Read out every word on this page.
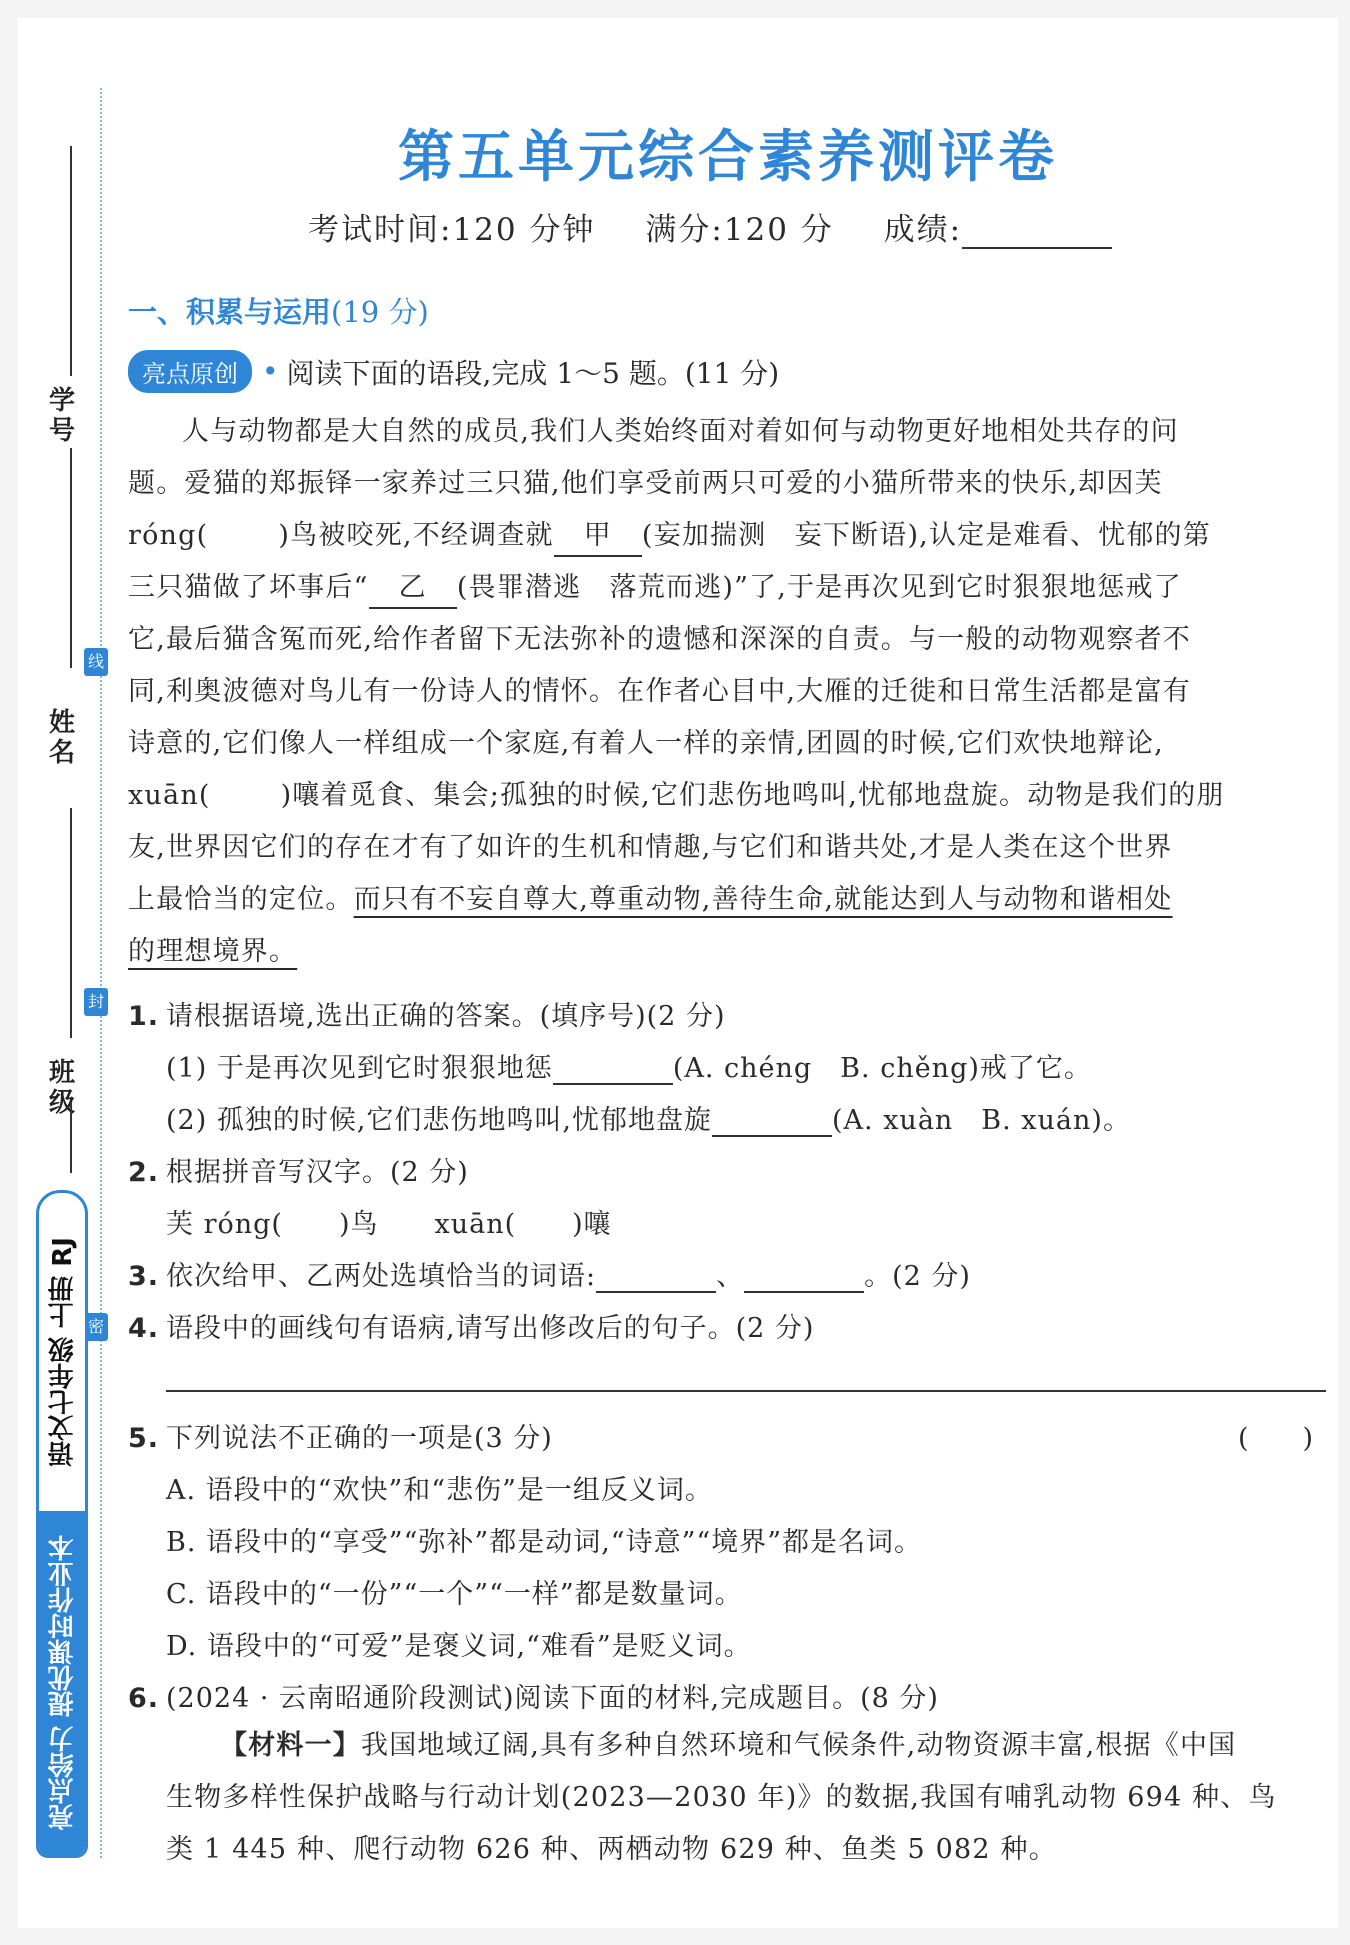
学号
线
姓名
封
班级
密
语文七年级 上册 RJ
亮点给力 提优课时作业本
第五单元综合素养测评卷
考试时间:120 分钟 满分:120 分 成绩:
一、积累与运用(19 分)
亮点原创 • 阅读下面的语段,完成 1～5 题。(11 分)

人与动物都是大自然的成员,我们人类始终面对着如何与动物更好地相处共存的问

题。爱猫的郑振铎一家养过三只猫,他们享受前两只可爱的小猫所带来的快乐,却因芙

róng(	)鸟被咬死,不经调查就 甲 (妄加揣测　妄下断语),认定是难看、忧郁的第

三只猫做了坏事后“ 乙 (畏罪潜逃　落荒而逃)”了,于是再次见到它时狠狠地惩戒了

它,最后猫含冤而死,给作者留下无法弥补的遗憾和深深的自责。与一般的动物观察者不

同,利奥波德对鸟儿有一份诗人的情怀。在作者心目中,大雁的迁徙和日常生活都是富有

诗意的,它们像人一样组成一个家庭,有着人一样的亲情,团圆的时候,它们欢快地辩论,

xuān(	)嚷着觅食、集会;孤独的时候,它们悲伤地鸣叫,忧郁地盘旋。动物是我们的朋

友,世界因它们的存在才有了如许的生机和情趣,与它们和谐共处,才是人类在这个世界

上最恰当的定位。而只有不妄自尊大,尊重动物,善待生命,就能达到人与动物和谐相处

的理想境界。

1. 请根据语境,选出正确的答案。(填序号)(2 分)
(1) 于是再次见到它时狠狠地惩	(A. chéng　B. chěng)戒了它。
(2) 孤独的时候,它们悲伤地鸣叫,忧郁地盘旋	(A. xuàn　B. xuán)。
2. 根据拼音写汉字。(2 分)
芙 róng(　　)鸟　　xuān(　　)嚷
3. 依次给甲、乙两处选填恰当的词语:	、	。(2 分)
4. 语段中的画线句有语病,请写出修改后的句子。(2 分)
5. 下列说法不正确的一项是(3 分)	(　　)
A. 语段中的“欢快”和“悲伤”是一组反义词。
B. 语段中的“享受”“弥补”都是动词,“诗意”“境界”都是名词。
C. 语段中的“一份”“一个”“一样”都是数量词。
D. 语段中的“可爱”是褒义词,“难看”是贬义词。
6. (2024 · 云南昭通阶段测试)阅读下面的材料,完成题目。(8 分)
【材料一】我国地域辽阔,具有多种自然环境和气候条件,动物资源丰富,根据《中国
生物多样性保护战略与行动计划(2023—2030 年)》的数据,我国有哺乳动物 694 种、鸟
类 1 445 种、爬行动物 626 种、两栖动物 629 种、鱼类 5 082 种。
